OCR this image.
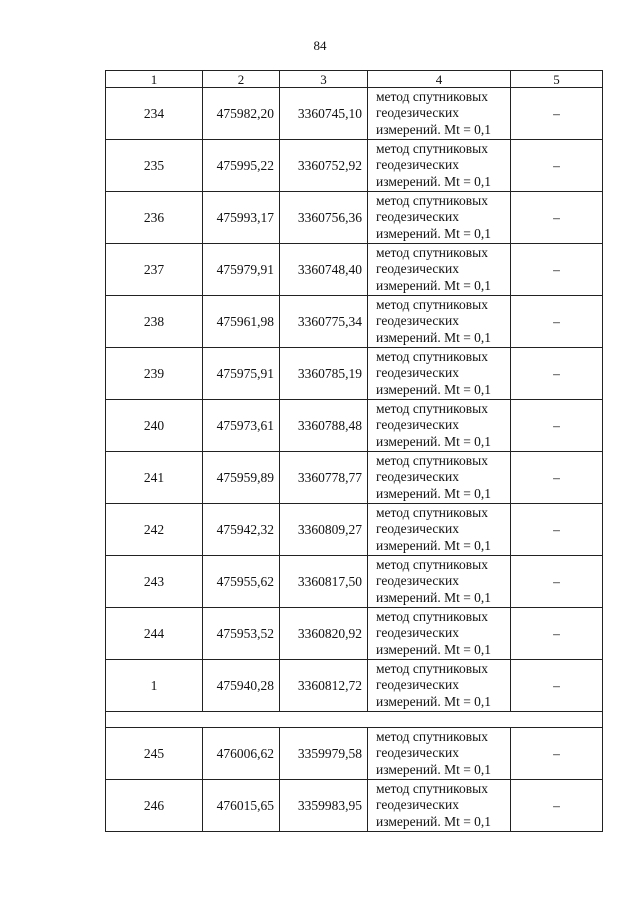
84
1	2	3	4	5
234	475982,20	3360745,10	метод спутниковых
геодезических
измерений. Mt = 0,1	–
235	475995,22	3360752,92	метод спутниковых
геодезических
измерений. Mt = 0,1	–
236	475993,17	3360756,36	метод спутниковых
геодезических
измерений. Mt = 0,1	–
237	475979,91	3360748,40	метод спутниковых
геодезических
измерений. Mt = 0,1	–
238	475961,98	3360775,34	метод спутниковых
геодезических
измерений. Mt = 0,1	–
239	475975,91	3360785,19	метод спутниковых
геодезических
измерений. Mt = 0,1	–
240	475973,61	3360788,48	метод спутниковых
геодезических
измерений. Mt = 0,1	–
241	475959,89	3360778,77	метод спутниковых
геодезических
измерений. Mt = 0,1	–
242	475942,32	3360809,27	метод спутниковых
геодезических
измерений. Mt = 0,1	–
243	475955,62	3360817,50	метод спутниковых
геодезических
измерений. Mt = 0,1	–
244	475953,52	3360820,92	метод спутниковых
геодезических
измерений. Mt = 0,1	–
1	475940,28	3360812,72	метод спутниковых
геодезических
измерений. Mt = 0,1	–

245	476006,62	3359979,58	метод спутниковых
геодезических
измерений. Mt = 0,1	–
246	476015,65	3359983,95	метод спутниковых
геодезических
измерений. Mt = 0,1	–
